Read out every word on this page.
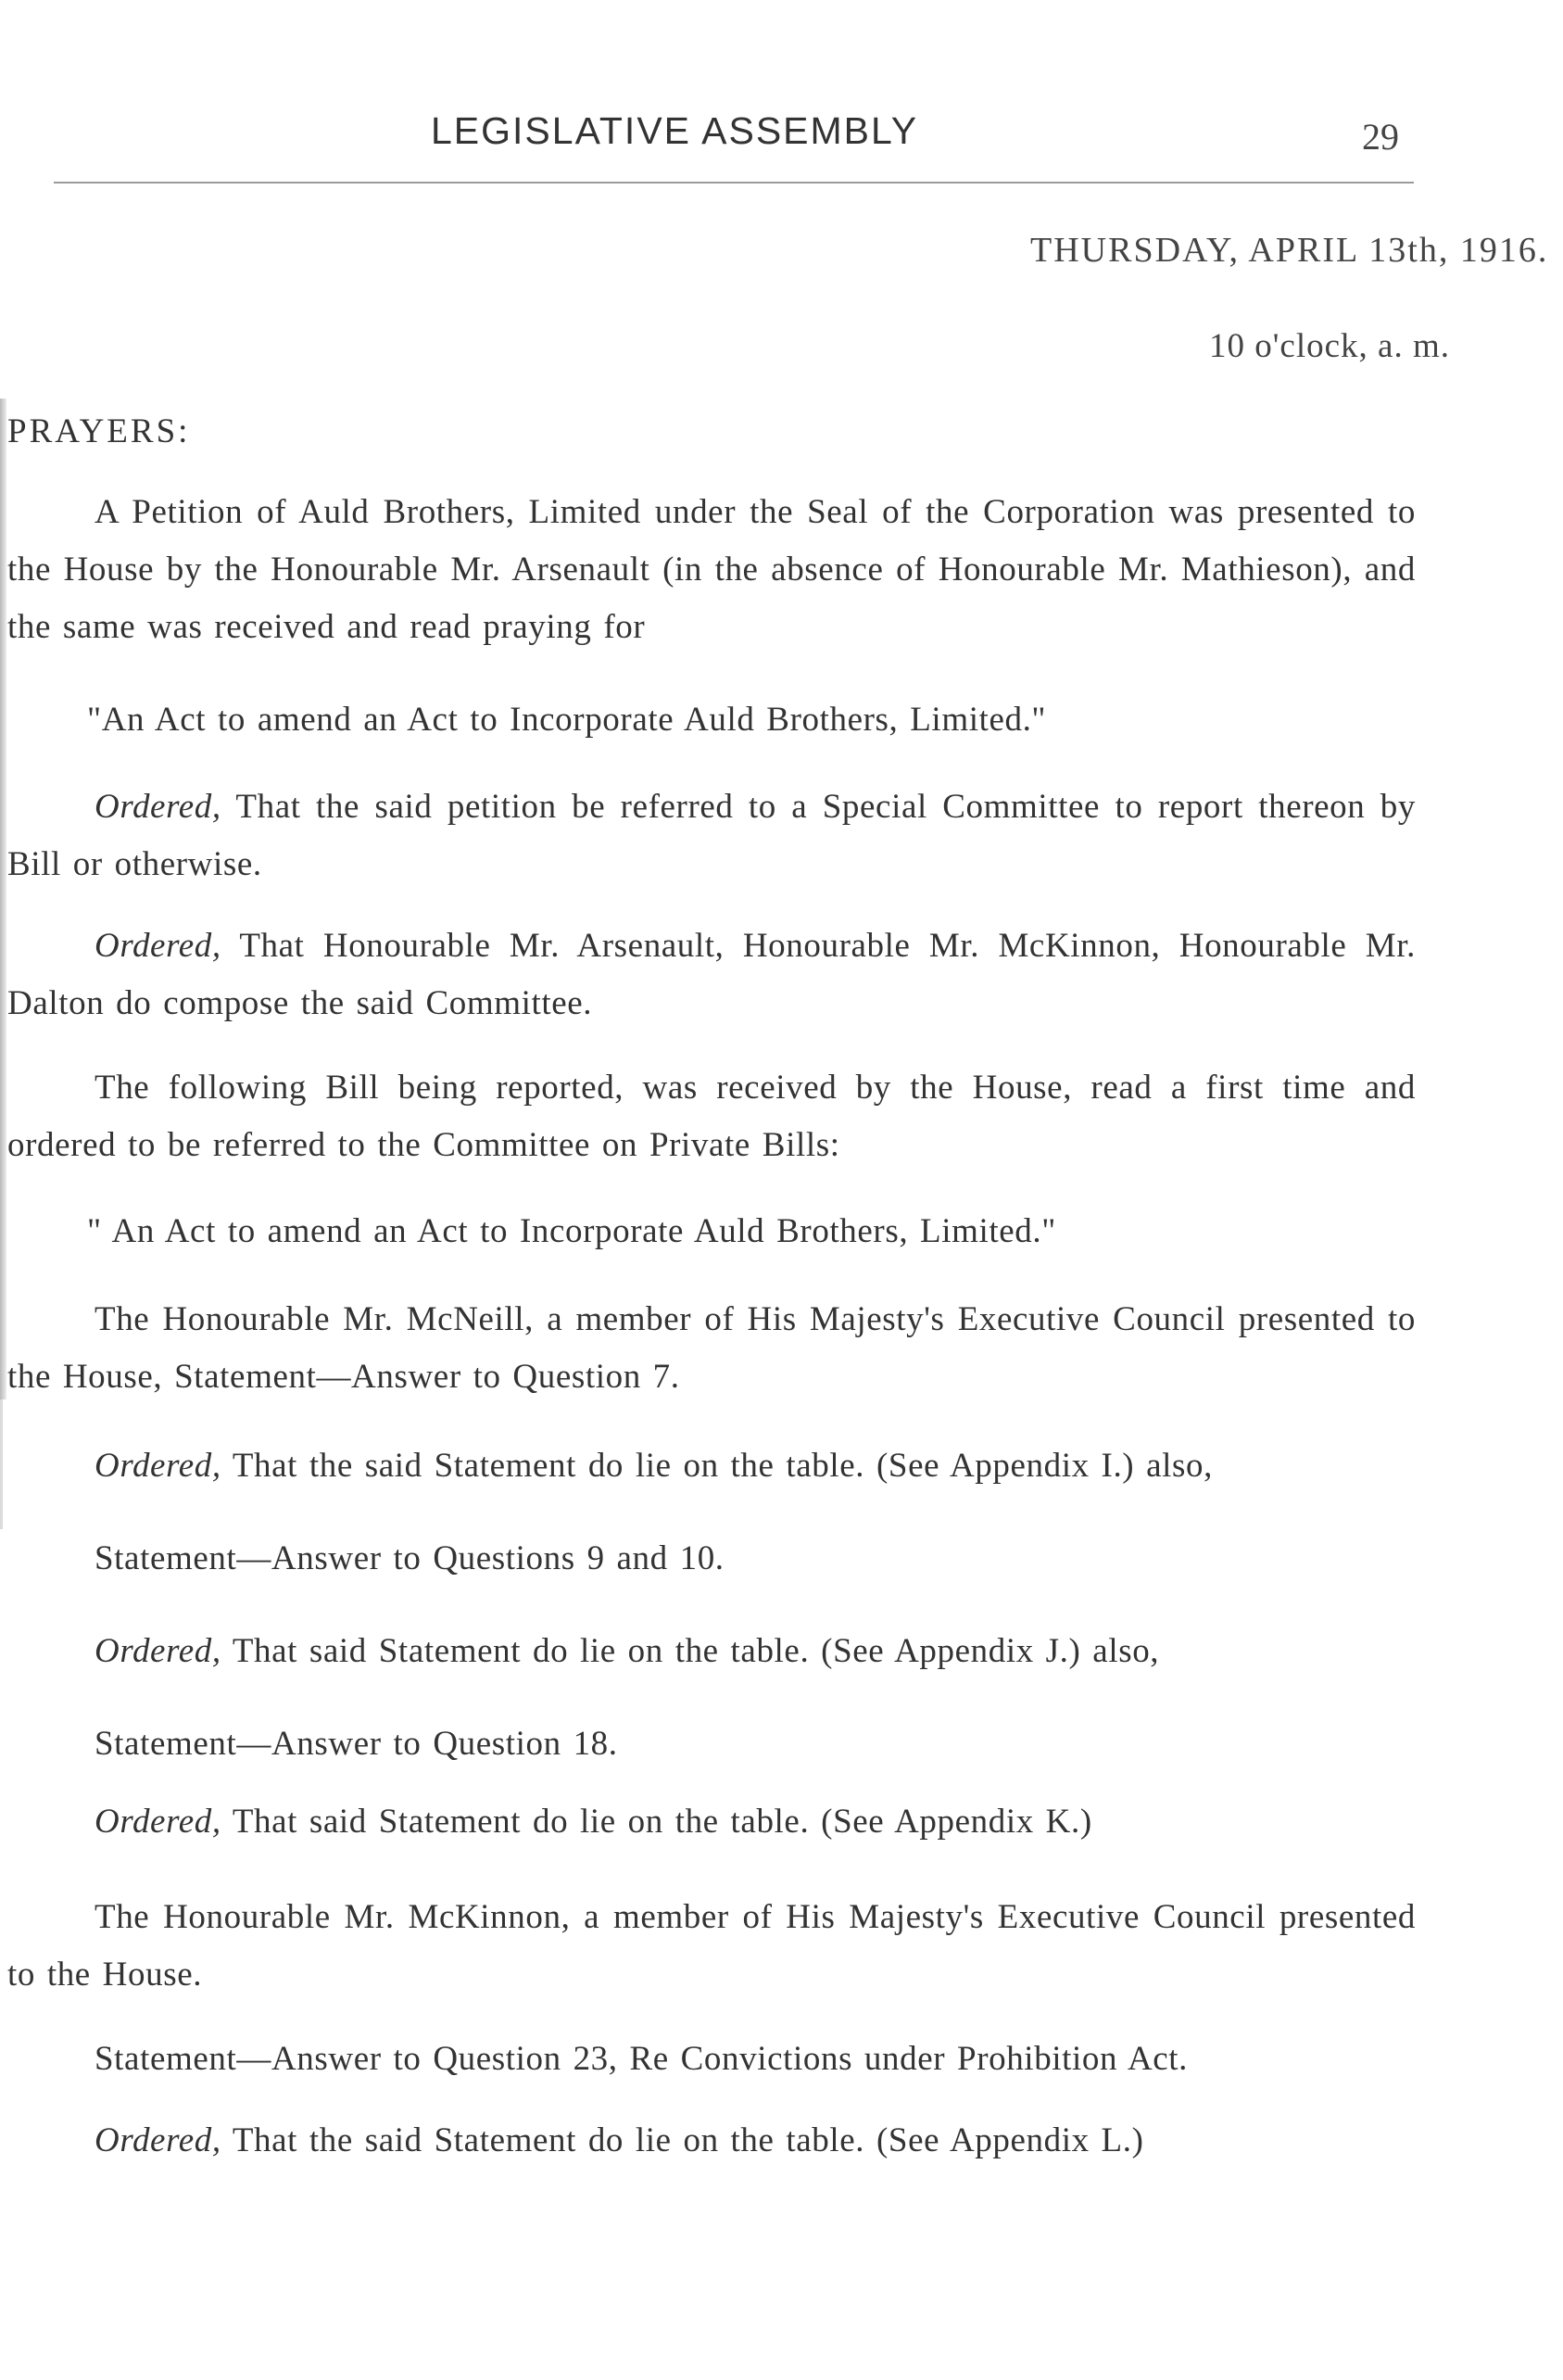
LEGISLATIVE ASSEMBLY	29
THURSDAY, APRIL 13th, 1916.
10 o'clock, a. m.
PRAYERS:
A Petition of Auld Brothers, Limited under the Seal of the Corporation was presented to the House by the Honourable Mr. Arsenault (in the absence of Honourable Mr. Mathieson), and the same was received and read praying for
"An Act to amend an Act to Incorporate Auld Brothers, Limited."
Ordered, That the said petition be referred to a Special Committee to report thereon by Bill or otherwise.
Ordered, That Honourable Mr. Arsenault, Honourable Mr. McKinnon, Honourable Mr. Dalton do compose the said Committee.
The following Bill being reported, was received by the House, read a first time and ordered to be referred to the Committee on Private Bills:
" An Act to amend an Act to Incorporate Auld Brothers, Limited."
The Honourable Mr. McNeill, a member of His Majesty's Executive Council presented to the House, Statement—Answer to Question 7.
Ordered, That the said Statement do lie on the table. (See Appendix I.) also,
Statement—Answer to Questions 9 and 10.
Ordered, That said Statement do lie on the table. (See Appendix J.) also,
Statement—Answer to Question 18.
Ordered, That said Statement do lie on the table. (See Appendix K.)
The Honourable Mr. McKinnon, a member of His Majesty's Executive Council presented to the House.
Statement—Answer to Question 23, Re Convictions under Prohibition Act.
Ordered, That the said Statement do lie on the table. (See Appendix L.)
